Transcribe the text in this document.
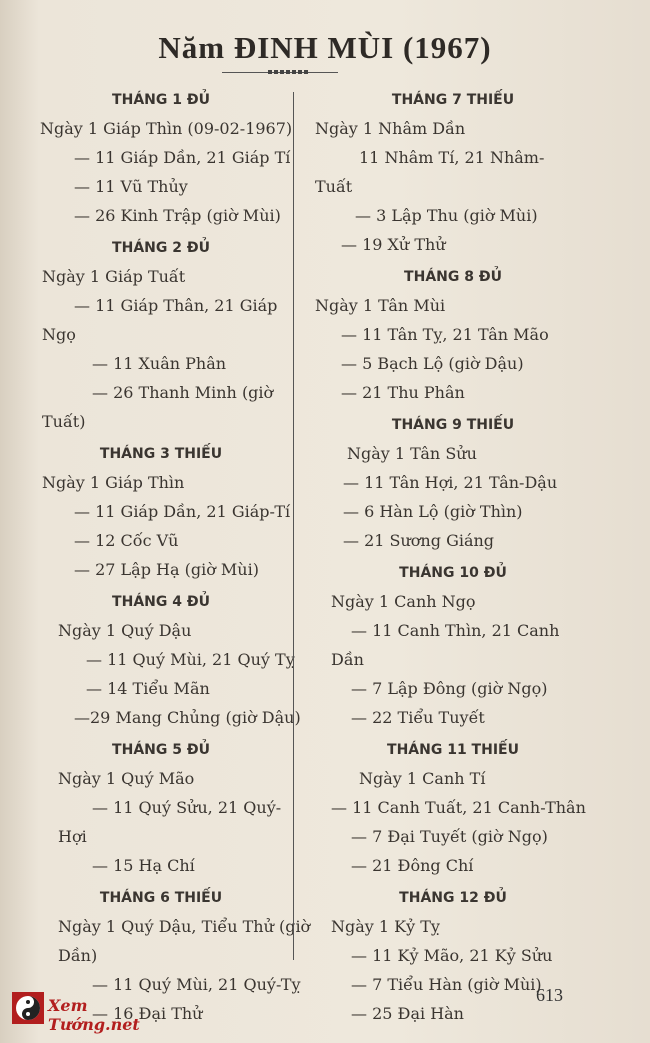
Năm ĐINH MÙI (1967)
THÁNG 1 ĐỦ
Ngày 1 Giáp Thìn (09-02-1967)
— 11 Giáp Dần, 21 Giáp Tí
— 11 Vũ Thủy
— 26 Kinh Trập (giờ Mùi)
THÁNG 2 ĐỦ
Ngày 1 Giáp Tuất
— 11 Giáp Thân, 21 Giáp
Ngọ
— 11 Xuân Phân
— 26 Thanh Minh (giờ
Tuất)
THÁNG 3 THIẾU
Ngày 1 Giáp Thìn
— 11 Giáp Dần, 21 Giáp-Tí
— 12 Cốc Vũ
— 27 Lập Hạ (giờ Mùi)
THÁNG 4 ĐỦ
Ngày 1 Quý Dậu
— 11 Quý Mùi, 21 Quý Tỵ
— 14 Tiểu Mãn
—29 Mang Chủng (giờ Dậu)
THÁNG 5 ĐỦ
Ngày 1 Quý Mão
— 11 Quý Sửu, 21 Quý-
Hợi
— 15 Hạ Chí
THÁNG 6 THIẾU
Ngày 1 Quý Dậu, Tiểu Thử (giờ
Dần)
— 11 Quý Mùi, 21 Quý-Tỵ
— 16 Đại Thử
THÁNG 7 THIẾU
Ngày 1 Nhâm Dần
11 Nhâm Tí, 21 Nhâm-
Tuất
— 3 Lập Thu (giờ Mùi)
— 19 Xử Thử
THÁNG 8 ĐỦ
Ngày 1 Tân Mùi
— 11 Tân Tỵ, 21 Tân Mão
— 5 Bạch Lộ (giờ Dậu)
— 21 Thu Phân
THÁNG 9 THIẾU
Ngày 1 Tân Sửu
— 11 Tân Hợi, 21 Tân-Dậu
— 6 Hàn Lộ (giờ Thìn)
— 21 Sương Giáng
THÁNG 10 ĐỦ
Ngày 1 Canh Ngọ
— 11 Canh Thìn, 21 Canh
Dần
— 7 Lập Đông (giờ Ngọ)
— 22 Tiểu Tuyết
THÁNG 11 THIẾU
Ngày 1 Canh Tí
— 11 Canh Tuất, 21 Canh-Thân
— 7 Đại Tuyết (giờ Ngọ)
— 21 Đông Chí
THÁNG 12 ĐỦ
Ngày 1 Kỷ Tỵ
— 11 Kỷ Mão, 21 Kỷ Sửu
— 7 Tiểu Hàn (giờ Mùi)
— 25 Đại Hàn
Xem Tướng.net
613
